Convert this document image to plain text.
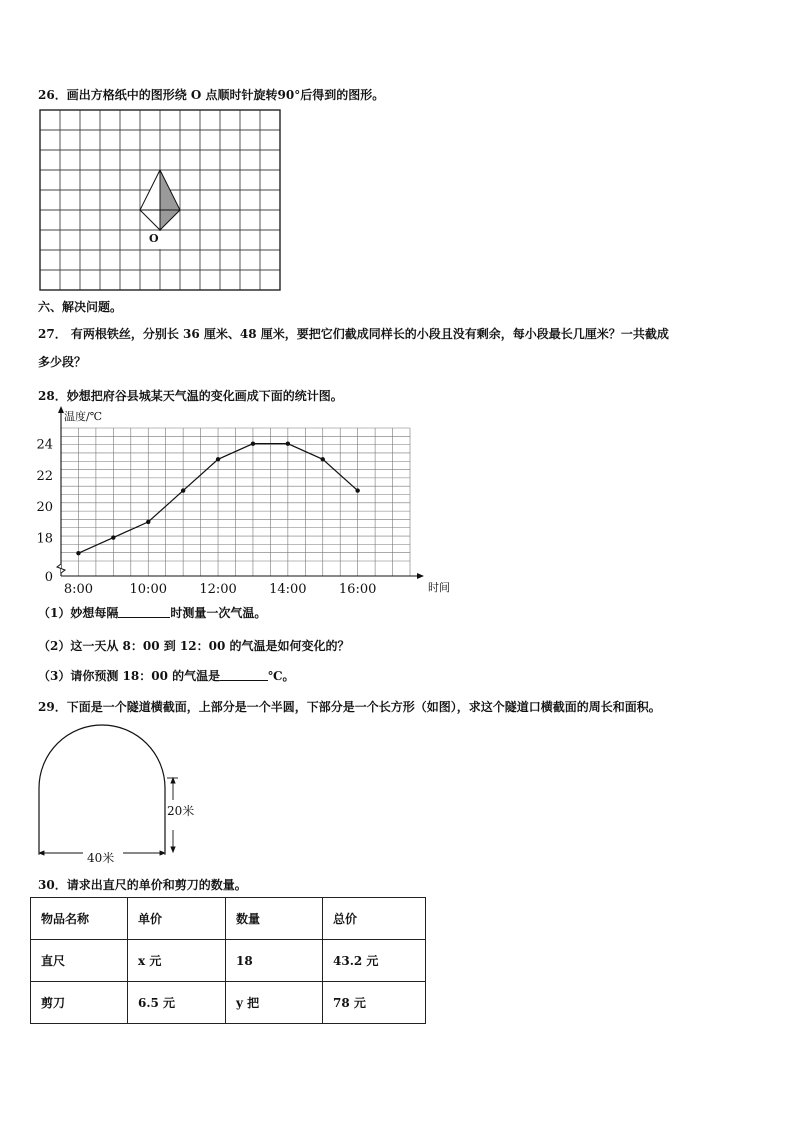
26．画出方格纸中的图形绕 O 点顺时针旋转90°后得到的图形。
O
六、解决问题。
27． 有两根铁丝，分别长 36 厘米、48 厘米，要把它们截成同样长的小段且没有剩余，每小段最长几厘米？一共截成
多少段？
28．妙想把府谷县城某天气温的变化画成下面的统计图。
温度/℃
时间
0
18
20
22
24
8:00	10:00 12:00 14:00 16:00
（1）妙想每隔	时测量一次气温。
（2）这一天从 8：00 到 12：00 的气温是如何变化的？
（3）请你预测 18：00 的气温是	℃。
29．下面是一个隧道横截面，上部分是一个半圆，下部分是一个长方形（如图），求这个隧道口横截面的周长和面积。
20米
40米
30．请求出直尺的单价和剪刀的数量。
物品名称	单价	数量	总价
直尺	x 元	18	43.2 元
剪刀	6.5 元	y 把	78 元
